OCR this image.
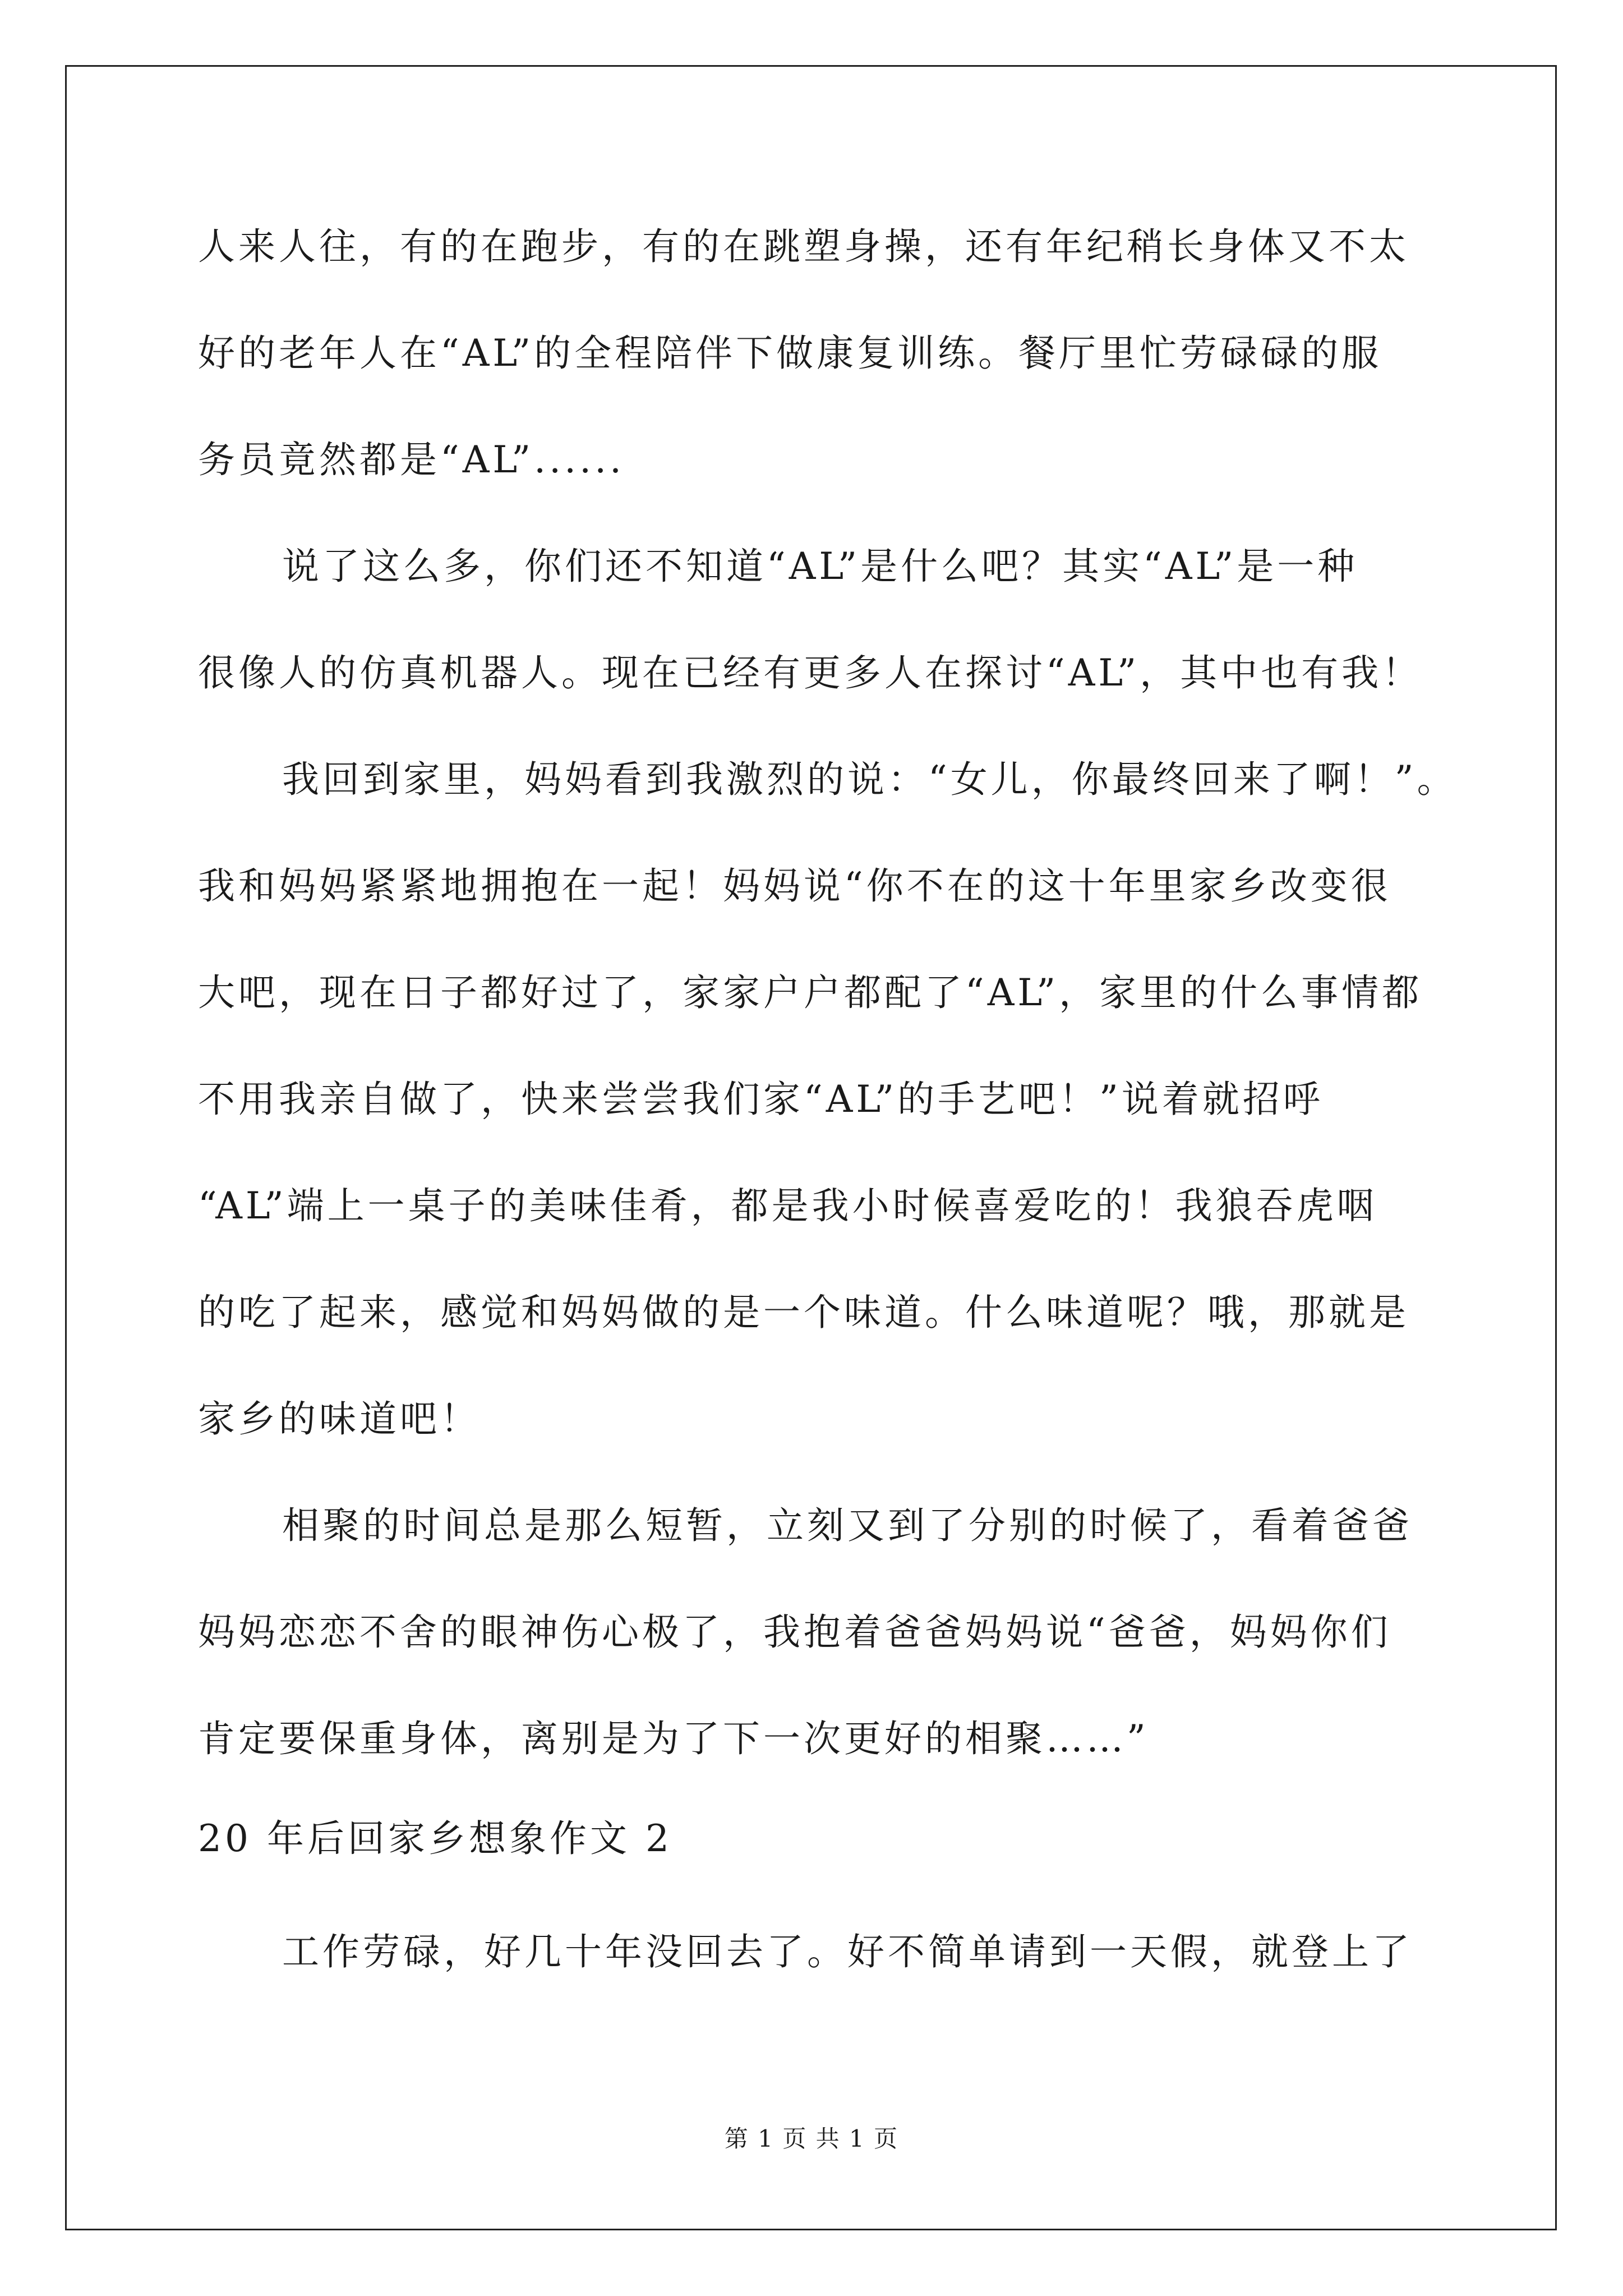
人来人往，有的在跑步，有的在跳塑身操，还有年纪稍长身体又不太
好的老年人在“AL”的全程陪伴下做康复训练。餐厅里忙劳碌碌的服
务员竟然都是“AL”......
说了这么多，你们还不知道“AL”是什么吧？其实“AL”是一种
很像人的仿真机器人。现在已经有更多人在探讨“AL”，其中也有我！
我回到家里，妈妈看到我激烈的说：“女儿，你最终回来了啊！”。
我和妈妈紧紧地拥抱在一起！妈妈说“你不在的这十年里家乡改变很
大吧，现在日子都好过了，家家户户都配了“AL”，家里的什么事情都
不用我亲自做了，快来尝尝我们家“AL”的手艺吧！”说着就招呼
“AL”端上一桌子的美味佳肴，都是我小时候喜爱吃的！我狼吞虎咽
的吃了起来，感觉和妈妈做的是一个味道。什么味道呢？哦，那就是
家乡的味道吧！
相聚的时间总是那么短暂，立刻又到了分别的时候了，看着爸爸
妈妈恋恋不舍的眼神伤心极了，我抱着爸爸妈妈说“爸爸，妈妈你们
肯定要保重身体，离别是为了下一次更好的相聚……”
20 年后回家乡想象作文 2
工作劳碌，好几十年没回去了。好不简单请到一天假，就登上了
第 1 页 共 1 页
